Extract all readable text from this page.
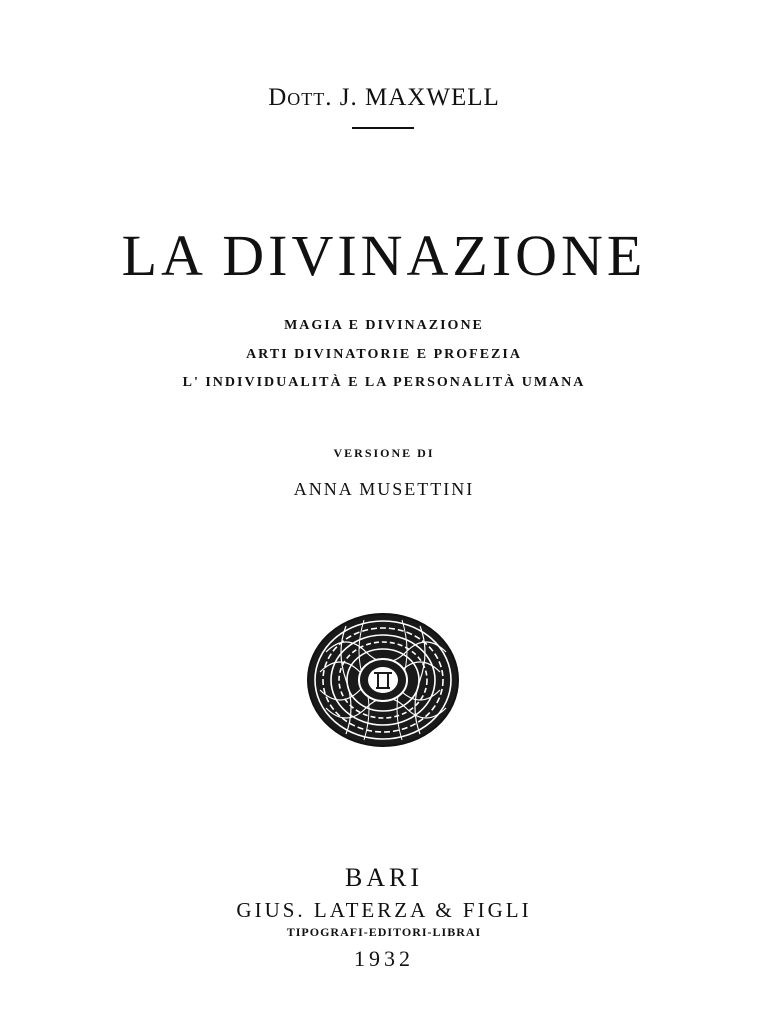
Dott. J. MAXWELL
LA DIVINAZIONE
MAGIA E DIVINAZIONE
ARTI DIVINATORIE E PROFEZIA
L' INDIVIDUALITÀ E LA PERSONALITÀ UMANA
VERSIONE DI
ANNA MUSETTINI
BARI
GIUS. LATERZA & FIGLI
TIPOGRAFI-EDITORI-LIBRAI
1932
